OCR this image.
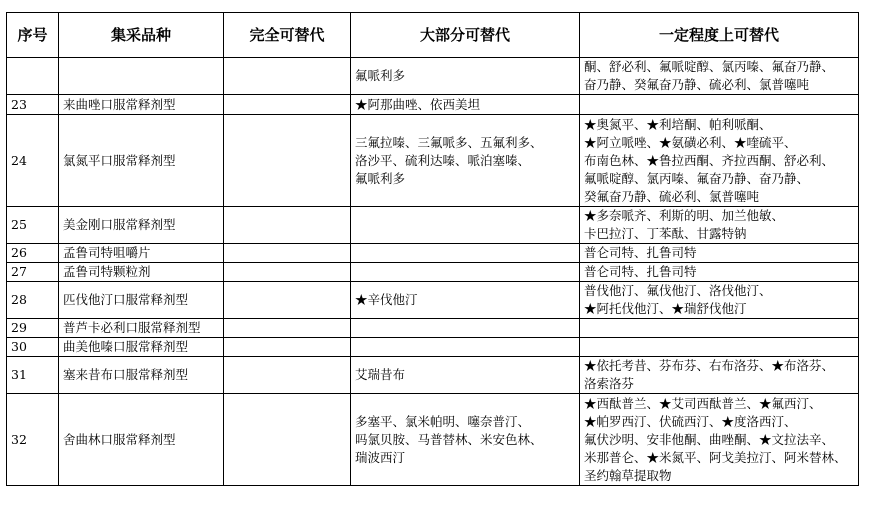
序号	集采品种	完全可替代	大部分可替代	一定程度上可替代

			氟哌利多	酮、舒必利、氟哌啶醇、氯丙嗪、氟奋乃静、
奋乃静、癸氟奋乃静、硫必利、氯普噻吨

23	来曲唑口服常释剂型		★阿那曲唑、依西美坦	

24	氯氮平口服常释剂型		三氟拉嗪、三氟哌多、五氟利多、
洛沙平、硫利达嗪、哌泊塞嗪、
氟哌利多	★奥氮平、★利培酮、帕利哌酮、
★阿立哌唑、★氨磺必利、★喹硫平、
布南色林、★鲁拉西酮、齐拉西酮、舒必利、
氟哌啶醇、氯丙嗪、氟奋乃静、奋乃静、
癸氟奋乃静、硫必利、氯普噻吨

25	美金刚口服常释剂型			★多奈哌齐、利斯的明、加兰他敏、
卡巴拉汀、丁苯酞、甘露特钠

26	孟鲁司特咀嚼片			普仑司特、扎鲁司特

27	孟鲁司特颗粒剂			普仑司特、扎鲁司特

28	匹伐他汀口服常释剂型		★辛伐他汀	普伐他汀、氟伐他汀、洛伐他汀、
★阿托伐他汀、★瑞舒伐他汀

29	普芦卡必利口服常释剂型			
30	曲美他嗪口服常释剂型			
31	塞来昔布口服常释剂型		艾瑞昔布	★依托考昔、芬布芬、右布洛芬、★布洛芬、
洛索洛芬

32	舍曲林口服常释剂型		多塞平、氯米帕明、噻奈普汀、
吗氯贝胺、马普替林、米安色林、
瑞波西汀	★西酞普兰、★艾司西酞普兰、★氟西汀、
★帕罗西汀、伏硫西汀、★度洛西汀、
氟伏沙明、安非他酮、曲唑酮、★文拉法辛、
米那普仑、★米氮平、阿戈美拉汀、阿米替林、
圣约翰草提取物
